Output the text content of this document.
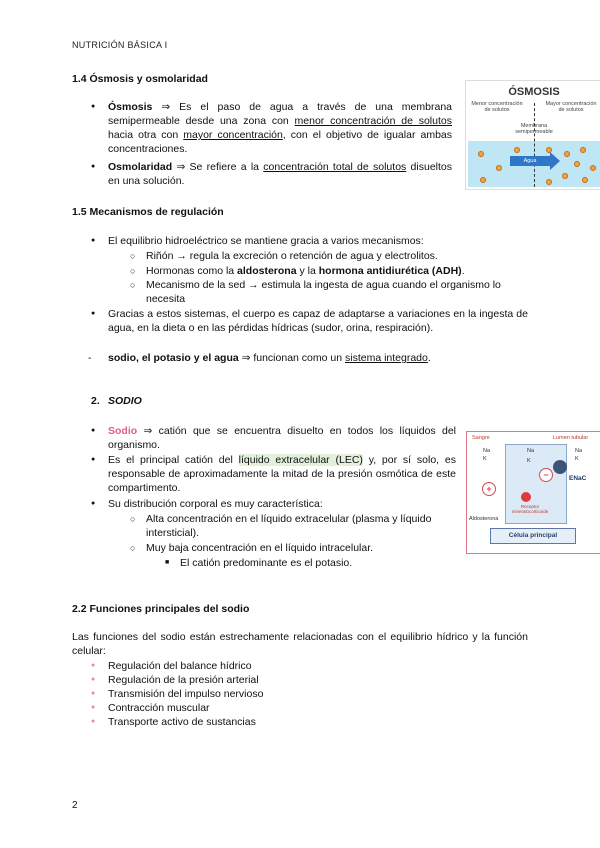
NUTRICIÓN BÁSICA I
1.4 Ósmosis y osmolaridad
● Ósmosis ⇒ Es el paso de agua a través de una membrana semipermeable desde una zona con menor concentración de solutos hacia otra con mayor concentración, con el objetivo de igualar ambas concentraciones.
● Osmolaridad ⇒ Se refiere a la concentración total de solutos disueltos en una solución.
ÓSMOSIS
Menor concentración de solutos
Mayor concentración de solutos
Membrana semipermeable
Agua
1.5 Mecanismos de regulación
● El equilibrio hidroeléctrico se mantiene gracia a varios mecanismos:
○ Riñón → regula la excreción o retención de agua y electrolitos.
○ Hormonas como la aldosterona y la hormona antidiurética (ADH).
○ Mecanismo de la sed → estimula la ingesta de agua cuando el organismo lo necesita
● Gracias a estos sistemas, el cuerpo es capaz de adaptarse a variaciones en la ingesta de agua, en la dieta o en las pérdidas hídricas (sudor, orina, respiración).
-	sodio, el potasio y el agua ⇒ funcionan como un sistema integrado.
2. SODIO
● Sodio ⇒ catión que se encuentra disuelto en todos los líquidos del organismo.
● Es el principal catión del líquido extracelular (LEC) y, por sí solo, es responsable de aproximadamente la mitad de la presión osmótica de este compartimento.
● Su distribución corporal es muy característica:
○ Alta concentración en el líquido extracelular (plasma y líquido intersticial).
○ Muy baja concentración en el líquido intracelular.
■ El catión predominante es el potasio.
Sangre	Lumen tubular
Na
K
Na
K
Na
K
ENaC
+
−
Receptor mineralocorticoide
Aldosterona
Célula principal
2.2 Funciones principales del sodio
Las funciones del sodio están estrechamente relacionadas con el equilibrio hídrico y la función celular:
● Regulación del balance hídrico
● Regulación de la presión arterial
● Transmisión del impulso nervioso
● Contracción muscular
● Transporte activo de sustancias
2
